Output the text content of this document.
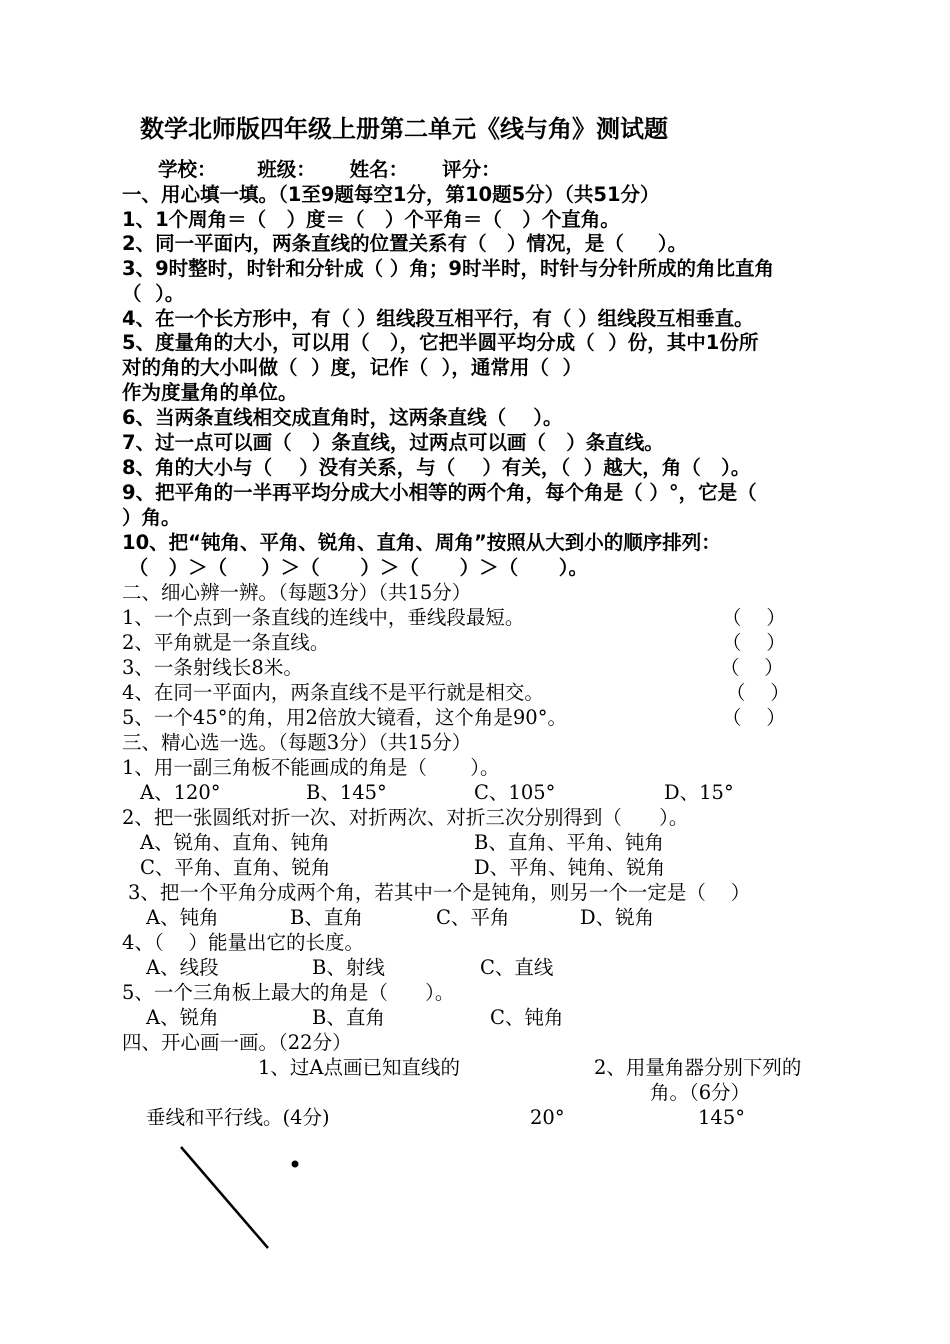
数学北师版四年级上册第二单元《线与角》测试题
学校：      班级：     姓名：     评分：
一、用心填一填。（1至9题每空1分，第10题5分）（共51分）
1、1个周角＝（   ）度＝（   ）个平角＝（   ）个直角。
2、同一平面内，两条直线的位置关系有（   ）情况，是（     ）。
3、9时整时，时针和分针成（ ）角；9时半时，时针与分针所成的角比直角
（  ）。
4、在一个长方形中，有（ ）组线段互相平行，有（ ）组线段互相垂直。
5、度量角的大小，可以用（   ），它把半圆平均分成（  ）份，其中1份所
对的角的大小叫做（  ）度，记作（  ），通常用（  ）
作为度量角的单位。
6、当两条直线相交成直角时，这两条直线（    ）。
7、过一点可以画（   ）条直线，过两点可以画（   ）条直线。
8、角的大小与（    ）没有关系，与（    ）有关，（  ）越大，角（   ）。
9、把平角的一半再平均分成大小相等的两个角，每个角是（ ）°，它是（
）角。
10、把“钝角、平角、锐角、直角、周角”按照从大到小的顺序排列：
（   ）＞（     ）＞（      ）＞（      ）＞（      ）。
二、细心辨一辨。（每题3分）（共15分）
1、一个点到一条直线的连线中，垂线段最短。	（    ）
2、平角就是一条直线。	（    ）
3、一条射线长8米。	（    ）
4、在同一平面内，两条直线不是平行就是相交。	（    ）
5、一个45°的角，用2倍放大镜看，这个角是90°。	（    ）
三、精心选一选。（每题3分）（共15分）
1、用一副三角板不能画成的角是（       ）。
A、120°	B、145°	C、105°	D、15°
2、把一张圆纸对折一次、对折两次、对折三次分别得到（      ）。
A、锐角、直角、钝角	B、直角、平角、钝角
C、平角、直角、锐角	D、平角、钝角、锐角
3、把一个平角分成两个角，若其中一个是钝角，则另一个一定是（    ）
A、钝角	B、直角	C、平角	D、锐角
4、（    ）能量出它的长度。
A、线段	B、射线	C、直线
5、一个三角板上最大的角是（      ）。
A、锐角	B、直角	C、钝角
四、开心画一画。（22分）
1、过A点画已知直线的	2、用量角器分别下列的
角。（6分）
垂线和平行线。(4分)	20°	145°
